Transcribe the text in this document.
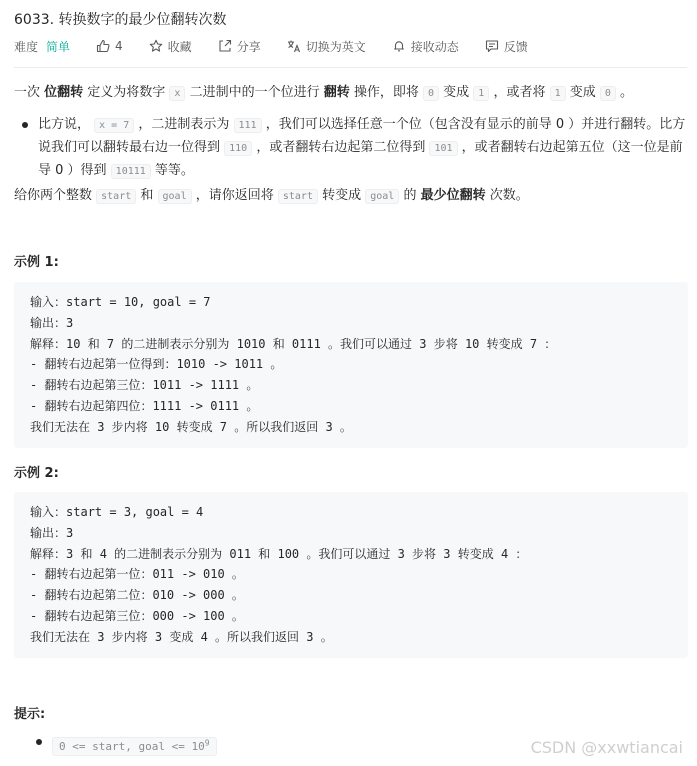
6033. 转换数字的最少位翻转次数
难度 简单	4	收藏	分享	切换为英文	接收动态	反馈

一次 位翻转 定义为将数字 x 二进制中的一个位进行 翻转 操作，即将 0 变成 1 ，或者将 1 变成 0 。

比方说， x = 7 ，二进制表示为 111 ，我们可以选择任意一个位（包含没有显示的前导 0 ）并进行翻转。比方说我们可以翻转最右边一位得到 110 ，或者翻转右边起第二位得到 101 ，或者翻转右边起第五位（这一位是前导 0 ）得到 10111 等等。

给你两个整数 start 和 goal ，请你返回将 start 转变成 goal 的 最少位翻转 次数。

示例 1:
输入：start = 10, goal = 7
输出：3
解释：10 和 7 的二进制表示分别为 1010 和 0111 。我们可以通过 3 步将 10 转变成 7 ：
- 翻转右边起第一位得到：1010 -> 1011 。
- 翻转右边起第三位：1011 -> 1111 。
- 翻转右边起第四位：1111 -> 0111 。
我们无法在 3 步内将 10 转变成 7 。所以我们返回 3 。
示例 2:
输入：start = 3, goal = 4
输出：3
解释：3 和 4 的二进制表示分别为 011 和 100 。我们可以通过 3 步将 3 转变成 4 ：
- 翻转右边起第一位：011 -> 010 。
- 翻转右边起第二位：010 -> 000 。
- 翻转右边起第三位：000 -> 100 。
我们无法在 3 步内将 3 变成 4 。所以我们返回 3 。
提示:
0 <= start, goal <= $10^9$	CSDN @xxwtiancai
